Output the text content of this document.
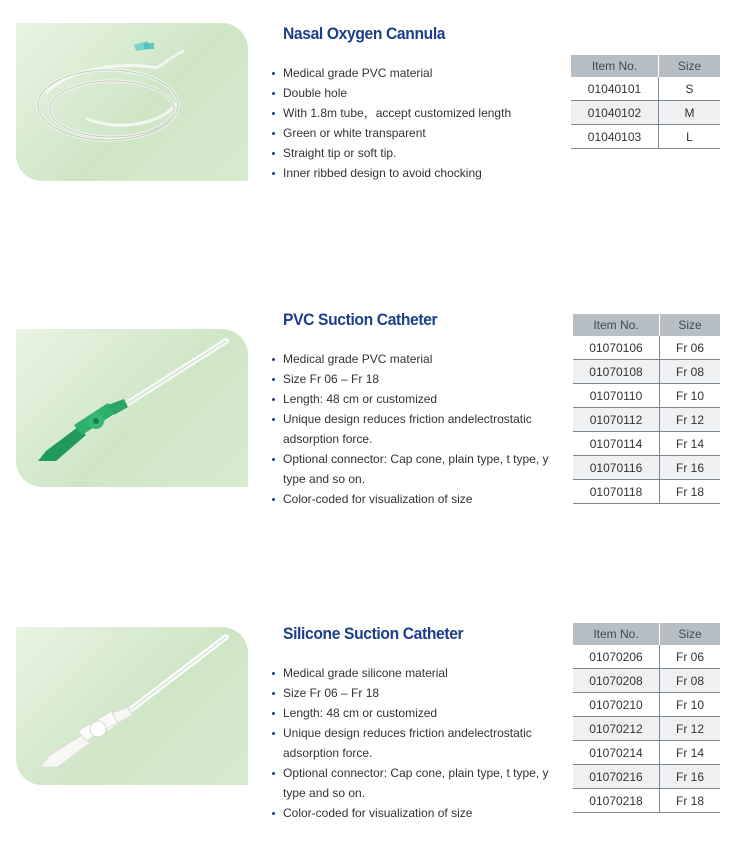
Nasal Oxygen Cannula
Medical grade PVC material
Double hole
With 1.8m tube，accept customized length
Green or white transparent
Straight tip or soft tip.
Inner ribbed design to avoid chocking
Item No.	Size
01040101	S
01040102	M
01040103	L
PVC Suction Catheter
Medical grade PVC material
Size Fr 06 – Fr 18
Length: 48 cm or customized
Unique design reduces friction andelectrostatic adsorption force.
Optional connector: Cap cone, plain type, t type, y type and so on.
Color-coded for visualization of size
Item No.	Size
01070106	Fr 06
01070108	Fr 08
01070110	Fr 10
01070112	Fr 12
01070114	Fr 14
01070116	Fr 16
01070118	Fr 18
Silicone Suction Catheter
Medical grade silicone material
Size Fr 06 – Fr 18
Length: 48 cm or customized
Unique design reduces friction andelectrostatic adsorption force.
Optional connector: Cap cone, plain type, t type, y type and so on.
Color-coded for visualization of size
Item No.	Size
01070206	Fr 06
01070208	Fr 08
01070210	Fr 10
01070212	Fr 12
01070214	Fr 14
01070216	Fr 16
01070218	Fr 18
